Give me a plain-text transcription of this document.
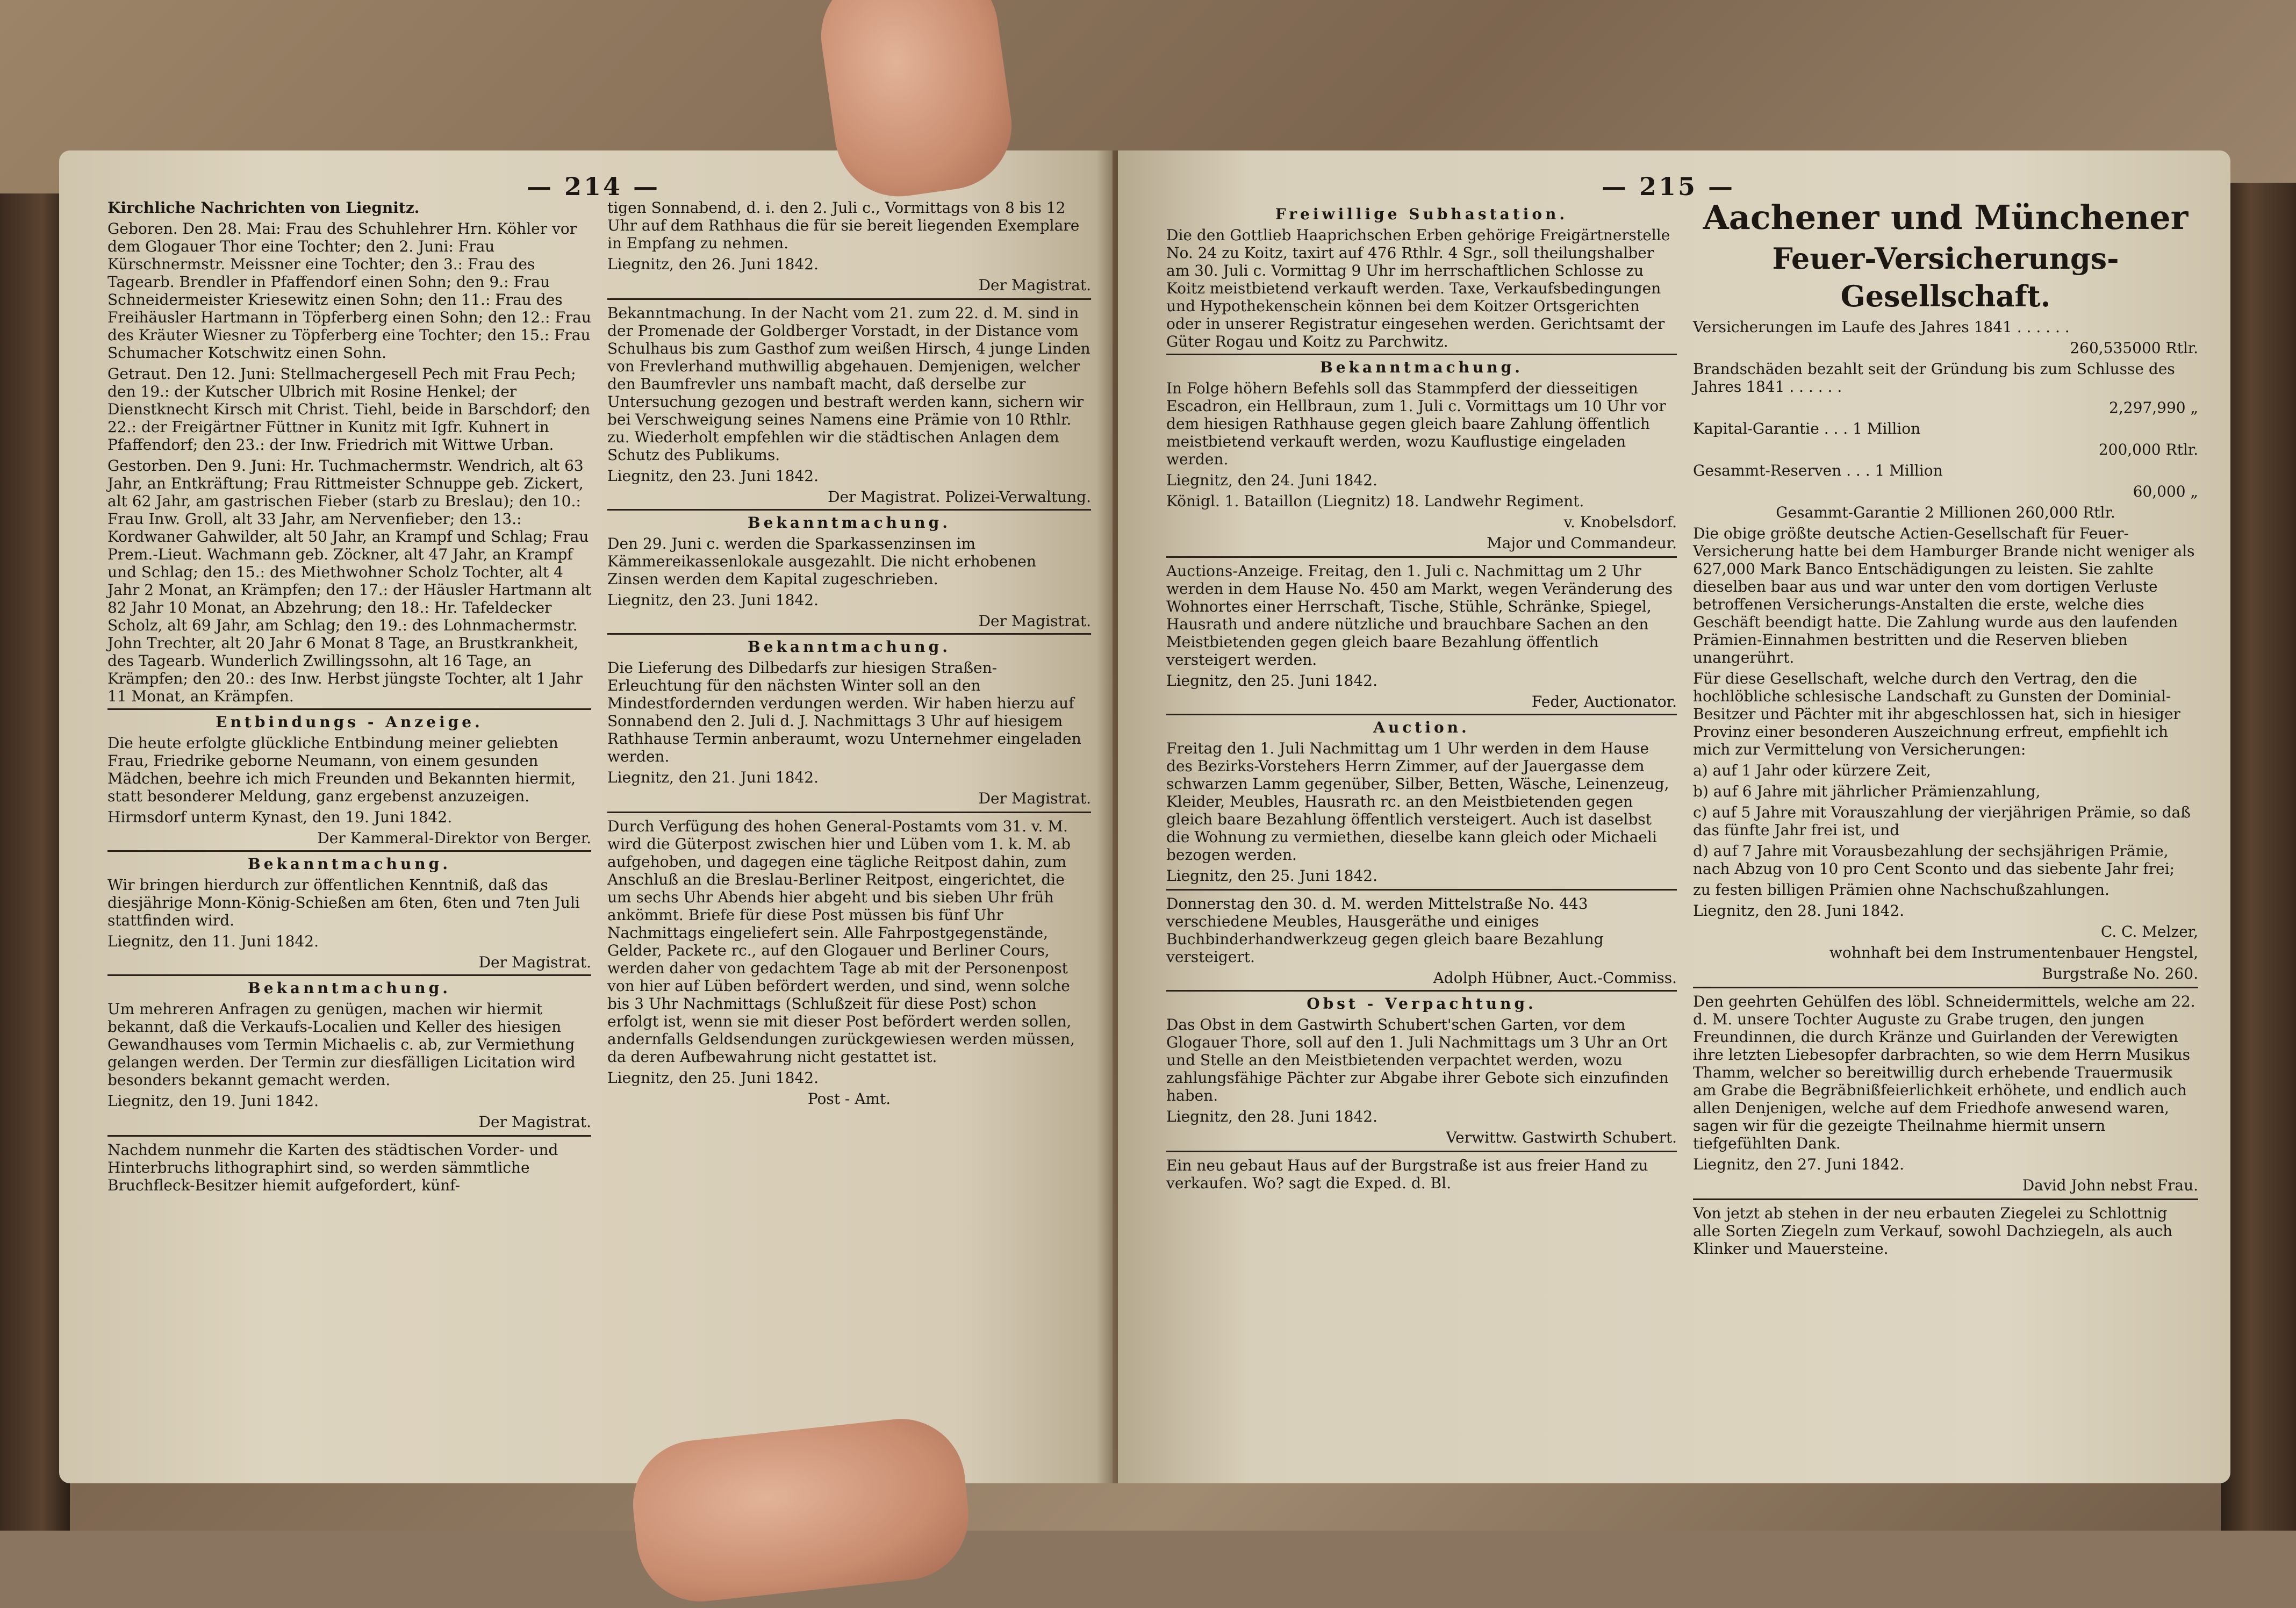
— 214 —

Kirchliche Nachrichten von Liegnitz.

Geboren. Den 28. Mai: Frau des Schuhlehrer Hrn. Köhler vor dem Glogauer Thor eine Tochter; den 2. Juni: Frau Kürschnermstr. Meissner eine Tochter; den 3.: Frau des Tagearb. Brendler in Pfaffendorf einen Sohn; den 9.: Frau Schneidermeister Kriesewitz einen Sohn; den 11.: Frau des Freihäusler Hartmann in Töpferberg einen Sohn; den 12.: Frau des Kräuter Wiesner zu Töpferberg eine Tochter; den 15.: Frau Schumacher Kotschwitz einen Sohn.

Getraut. Den 12. Juni: Stellmachergesell Pech mit Frau Pech; den 19.: der Kutscher Ulbrich mit Rosine Henkel; der Dienstknecht Kirsch mit Christ. Tiehl, beide in Barschdorf; den 22.: der Freigärtner Füttner in Kunitz mit Igfr. Kuhnert in Pfaffendorf; den 23.: der Inw. Friedrich mit Wittwe Urban.

Gestorben. Den 9. Juni: Hr. Tuchmachermstr. Wendrich, alt 63 Jahr, an Entkräftung; Frau Rittmeister Schnuppe geb. Zickert, alt 62 Jahr, am gastrischen Fieber (starb zu Breslau); den 10.: Frau Inw. Groll, alt 33 Jahr, am Nervenfieber; den 13.: Kordwaner Gahwilder, alt 50 Jahr, an Krampf und Schlag; Frau Prem.-Lieut. Wachmann geb. Zöckner, alt 47 Jahr, an Krampf und Schlag; den 15.: des Miethwohner Scholz Tochter, alt 4 Jahr 2 Monat, an Krämpfen; den 17.: der Häusler Hartmann alt 82 Jahr 10 Monat, an Abzehrung; den 18.: Hr. Tafeldecker Scholz, alt 69 Jahr, am Schlag; den 19.: des Lohnmachermstr. John Trechter, alt 20 Jahr 6 Monat 8 Tage, an Brustkrankheit, des Tagearb. Wunderlich Zwillingssohn, alt 16 Tage, an Krämpfen; den 20.: des Inw. Herbst jüngste Tochter, alt 1 Jahr 11 Monat, an Krämpfen.

Entbindungs - Anzeige.

Die heute erfolgte glückliche Entbindung meiner geliebten Frau, Friedrike geborne Neumann, von einem gesunden Mädchen, beehre ich mich Freunden und Bekannten hiermit, statt besonderer Meldung, ganz ergebenst anzuzeigen.

Hirmsdorf unterm Kynast, den 19. Juni 1842.

Der Kammeral-Direktor von Berger.

Bekanntmachung.

Wir bringen hierdurch zur öffentlichen Kenntniß, daß das diesjährige Monn-König-Schießen am 6ten, 6ten und 7ten Juli stattfinden wird.

Liegnitz, den 11. Juni 1842.

Der Magistrat.

Bekanntmachung.

Um mehreren Anfragen zu genügen, machen wir hiermit bekannt, daß die Verkaufs-Localien und Keller des hiesigen Gewandhauses vom Termin Michaelis c. ab, zur Vermiethung gelangen werden. Der Termin zur diesfälligen Licitation wird besonders bekannt gemacht werden.

Liegnitz, den 19. Juni 1842.

Der Magistrat.

Nachdem nunmehr die Karten des städtischen Vorder- und Hinterbruchs lithographirt sind, so werden sämmtliche Bruchfleck-Besitzer hiemit aufgefordert, künf-

tigen Sonnabend, d. i. den 2. Juli c., Vormittags von 8 bis 12 Uhr auf dem Rathhaus die für sie bereit liegenden Exemplare in Empfang zu nehmen.

Liegnitz, den 26. Juni 1842.

Der Magistrat.

Bekanntmachung. In der Nacht vom 21. zum 22. d. M. sind in der Promenade der Goldberger Vorstadt, in der Distance vom Schulhaus bis zum Gasthof zum weißen Hirsch, 4 junge Linden von Frevlerhand muthwillig abgehauen. Demjenigen, welcher den Baumfrevler uns nambaft macht, daß derselbe zur Untersuchung gezogen und bestraft werden kann, sichern wir bei Verschweigung seines Namens eine Prämie von 10 Rthlr. zu. Wiederholt empfehlen wir die städtischen Anlagen dem Schutz des Publikums.

Liegnitz, den 23. Juni 1842.

Der Magistrat. Polizei-Verwaltung.

Bekanntmachung.

Den 29. Juni c. werden die Sparkassenzinsen im Kämmereikassenlokale ausgezahlt. Die nicht erhobenen Zinsen werden dem Kapital zugeschrieben.

Liegnitz, den 23. Juni 1842.

Der Magistrat.

Bekanntmachung.

Die Lieferung des Dilbedarfs zur hiesigen Straßen-Erleuchtung für den nächsten Winter soll an den Mindestfordernden verdungen werden. Wir haben hierzu auf Sonnabend den 2. Juli d. J. Nachmittags 3 Uhr auf hiesigem Rathhause Termin anberaumt, wozu Unternehmer eingeladen werden.

Liegnitz, den 21. Juni 1842.

Der Magistrat.

Durch Verfügung des hohen General-Postamts vom 31. v. M. wird die Güterpost zwischen hier und Lüben vom 1. k. M. ab aufgehoben, und dagegen eine tägliche Reitpost dahin, zum Anschluß an die Breslau-Berliner Reitpost, eingerichtet, die um sechs Uhr Abends hier abgeht und bis sieben Uhr früh ankömmt. Briefe für diese Post müssen bis fünf Uhr Nachmittags eingeliefert sein. Alle Fahrpostgegenstände, Gelder, Packete rc., auf den Glogauer und Berliner Cours, werden daher von gedachtem Tage ab mit der Personenpost von hier auf Lüben befördert werden, und sind, wenn solche bis 3 Uhr Nachmittags (Schlußzeit für diese Post) schon erfolgt ist, wenn sie mit dieser Post befördert werden sollen, andernfalls Geldsendungen zurückgewiesen werden müssen, da deren Aufbewahrung nicht gestattet ist.

Liegnitz, den 25. Juni 1842.

Post - Amt.

— 215 —
Freiwillige Subhastation.

Die den Gottlieb Haaprichschen Erben gehörige Freigärtnerstelle No. 24 zu Koitz, taxirt auf 476 Rthlr. 4 Sgr., soll theilungshalber am 30. Juli c. Vormittag 9 Uhr im herrschaftlichen Schlosse zu Koitz meistbietend verkauft werden. Taxe, Verkaufsbedingungen und Hypothekenschein können bei dem Koitzer Ortsgerichten oder in unserer Registratur eingesehen werden. Gerichtsamt der Güter Rogau und Koitz zu Parchwitz.

Bekanntmachung.

In Folge höhern Befehls soll das Stammpferd der diesseitigen Escadron, ein Hellbraun, zum 1. Juli c. Vormittags um 10 Uhr vor dem hiesigen Rathhause gegen gleich baare Zahlung öffentlich meistbietend verkauft werden, wozu Kauflustige eingeladen werden.

Liegnitz, den 24. Juni 1842.

Königl. 1. Bataillon (Liegnitz) 18. Landwehr Regiment.

v. Knobelsdorf.

Major und Commandeur.

Auctions-Anzeige. Freitag, den 1. Juli c. Nachmittag um 2 Uhr werden in dem Hause No. 450 am Markt, wegen Veränderung des Wohnortes einer Herrschaft, Tische, Stühle, Schränke, Spiegel, Hausrath und andere nützliche und brauchbare Sachen an den Meistbietenden gegen gleich baare Bezahlung öffentlich versteigert werden.

Liegnitz, den 25. Juni 1842.

Feder, Auctionator.

Auction.

Freitag den 1. Juli Nachmittag um 1 Uhr werden in dem Hause des Bezirks-Vorstehers Herrn Zimmer, auf der Jauergasse dem schwarzen Lamm gegenüber, Silber, Betten, Wäsche, Leinenzeug, Kleider, Meubles, Hausrath rc. an den Meistbietenden gegen gleich baare Bezahlung öffentlich versteigert. Auch ist daselbst die Wohnung zu vermiethen, dieselbe kann gleich oder Michaeli bezogen werden.

Liegnitz, den 25. Juni 1842.

Donnerstag den 30. d. M. werden Mittelstraße No. 443 verschiedene Meubles, Hausgeräthe und einiges Buchbinderhandwerkzeug gegen gleich baare Bezahlung versteigert.

Adolph Hübner, Auct.-Commiss.

Obst - Verpachtung.

Das Obst in dem Gastwirth Schubert'schen Garten, vor dem Glogauer Thore, soll auf den 1. Juli Nachmittags um 3 Uhr an Ort und Stelle an den Meistbietenden verpachtet werden, wozu zahlungsfähige Pächter zur Abgabe ihrer Gebote sich einzufinden haben.

Liegnitz, den 28. Juni 1842.

Verwittw. Gastwirth Schubert.

Ein neu gebaut Haus auf der Burgstraße ist aus freier Hand zu verkaufen. Wo? sagt die Exped. d. Bl.

Aachener und Münchener

Feuer-Versicherungs-Gesellschaft.

Versicherungen im Laufe des Jahres 1841 . . . . . .

260,535000 Rtlr.

Brandschäden bezahlt seit der Gründung bis zum Schlusse des Jahres 1841 . . . . . .

2,297,990 „

Kapital-Garantie . . . 1 Million

200,000 Rtlr.

Gesammt-Reserven . . . 1 Million

60,000 „

Gesammt-Garantie 2 Millionen 260,000 Rtlr.

Die obige größte deutsche Actien-Gesellschaft für Feuer-Versicherung hatte bei dem Hamburger Brande nicht weniger als 627,000 Mark Banco Entschädigungen zu leisten. Sie zahlte dieselben baar aus und war unter den vom dortigen Verluste betroffenen Versicherungs-Anstalten die erste, welche dies Geschäft beendigt hatte. Die Zahlung wurde aus den laufenden Prämien-Einnahmen bestritten und die Reserven blieben unangerührt.

Für diese Gesellschaft, welche durch den Vertrag, den die hochlöbliche schlesische Landschaft zu Gunsten der Dominial-Besitzer und Pächter mit ihr abgeschlossen hat, sich in hiesiger Provinz einer besonderen Auszeichnung erfreut, empfiehlt ich mich zur Vermittelung von Versicherungen:

a) auf 1 Jahr oder kürzere Zeit,

b) auf 6 Jahre mit jährlicher Prämienzahlung,

c) auf 5 Jahre mit Vorauszahlung der vierjährigen Prämie, so daß das fünfte Jahr frei ist, und

d) auf 7 Jahre mit Vorausbezahlung der sechsjährigen Prämie, nach Abzug von 10 pro Cent Sconto und das siebente Jahr frei;

zu festen billigen Prämien ohne Nachschußzahlungen.

Liegnitz, den 28. Juni 1842.

C. C. Melzer,

wohnhaft bei dem Instrumentenbauer Hengstel,

Burgstraße No. 260.

Den geehrten Gehülfen des löbl. Schneidermittels, welche am 22. d. M. unsere Tochter Auguste zu Grabe trugen, den jungen Freundinnen, die durch Kränze und Guirlanden der Verewigten ihre letzten Liebesopfer darbrachten, so wie dem Herrn Musikus Thamm, welcher so bereitwillig durch erhebende Trauermusik am Grabe die Begräbnißfeierlichkeit erhöhete, und endlich auch allen Denjenigen, welche auf dem Friedhofe anwesend waren, sagen wir für die gezeigte Theilnahme hiermit unsern tiefgefühlten Dank.

Liegnitz, den 27. Juni 1842.

David John nebst Frau.

Von jetzt ab stehen in der neu erbauten Ziegelei zu Schlottnig alle Sorten Ziegeln zum Verkauf, sowohl Dachziegeln, als auch Klinker und Mauersteine.
